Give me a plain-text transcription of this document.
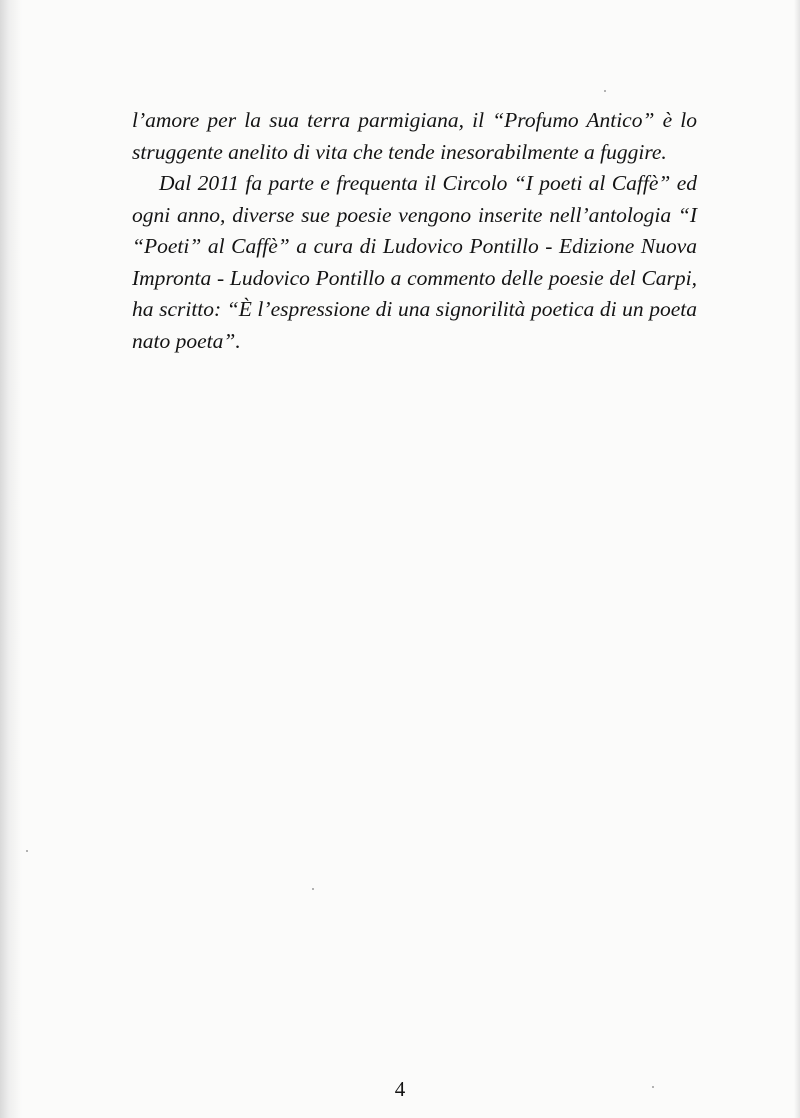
l’amore per la sua terra parmigiana, il “Profumo Antico” è lo struggente anelito di vita che tende inesorabilmente a fuggire.

Dal 2011 fa parte e frequenta il Circolo “I poeti al Caffè” ed ogni anno, diverse sue poesie vengono inserite nell’antologia “I “Poeti” al Caffè” a cura di Ludovico Pontillo - Edizione Nuova Impronta - Ludovico Pontillo a commento delle poesie del Carpi, ha scritto: “È l’espressione di una signorilità poetica di un poeta nato poeta”.

4
